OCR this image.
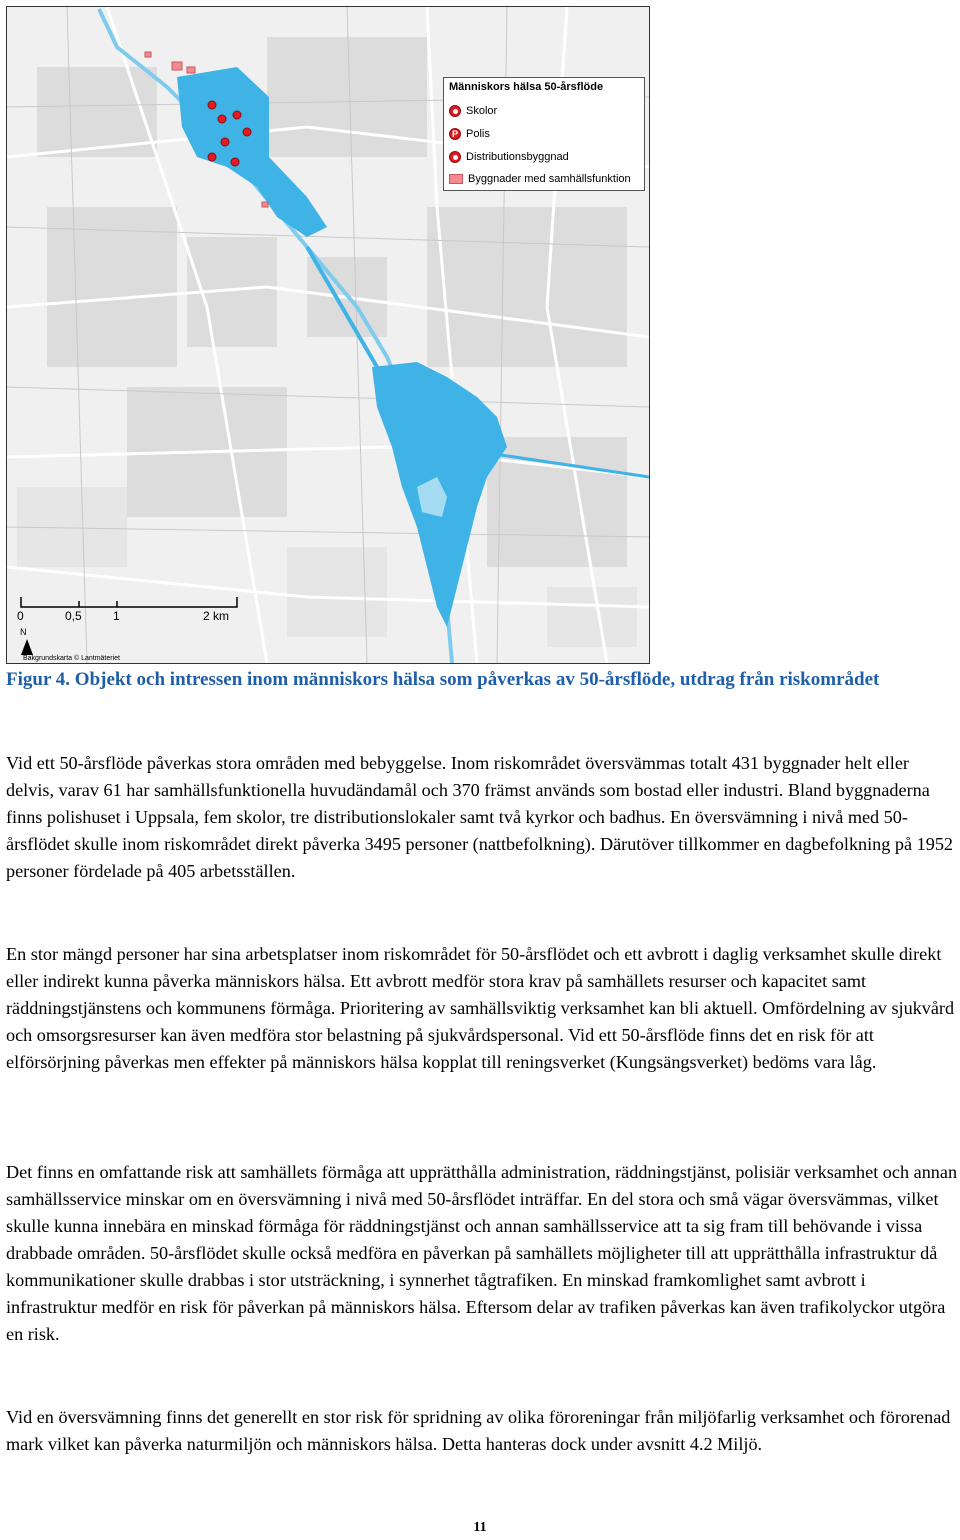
Människors hälsa 50-årsflöde
Skolor
P Polis
Distributionsbyggnad
Byggnader med samhällsfunktion
0	0,5	1	2 km
N
Bakgrundskarta © Lantmäteriet
Figur 4. Objekt och intressen inom människors hälsa som påverkas av 50-årsflöde, utdrag från riskområdet

Vid ett 50-årsflöde påverkas stora områden med bebyggelse. Inom riskområdet översvämmas totalt 431 byggnader helt eller delvis, varav 61 har samhällsfunktionella huvudändamål och 370 främst används som bostad eller industri. Bland byggnaderna finns polishuset i Uppsala, fem skolor, tre distributionslokaler samt två kyrkor och badhus. En översvämning i nivå med 50-årsflödet skulle inom riskområdet direkt påverka 3495 personer (nattbefolkning). Därutöver tillkommer en dagbefolkning på 1952 personer fördelade på 405 arbetsställen.

En stor mängd personer har sina arbetsplatser inom riskområdet för 50-årsflödet och ett avbrott i daglig verksamhet skulle direkt eller indirekt kunna påverka människors hälsa. Ett avbrott medför stora krav på samhällets resurser och kapacitet samt räddningstjänstens och kommunens förmåga. Prioritering av samhällsviktig verksamhet kan bli aktuell. Omfördelning av sjukvård och omsorgsresurser kan även medföra stor belastning på sjukvårdspersonal. Vid ett 50-årsflöde finns det en risk för att elförsörjning påverkas men effekter på människors hälsa kopplat till reningsverket (Kungsängsverket) bedöms vara låg.

Det finns en omfattande risk att samhällets förmåga att upprätthålla administration, räddningstjänst, polisiär verksamhet och annan samhällsservice minskar om en översvämning i nivå med 50-årsflödet inträffar. En del stora och små vägar översvämmas, vilket skulle kunna innebära en minskad förmåga för räddningstjänst och annan samhällsservice att ta sig fram till behövande i vissa drabbade områden. 50-årsflödet skulle också medföra en påverkan på samhällets möjligheter till att upprätthålla infrastruktur då kommunikationer skulle drabbas i stor utsträckning, i synnerhet tågtrafiken. En minskad framkomlighet samt avbrott i infrastruktur medför en risk för påverkan på människors hälsa. Eftersom delar av trafiken påverkas kan även trafikolyckor utgöra en risk.

Vid en översvämning finns det generellt en stor risk för spridning av olika föroreningar från miljöfarlig verksamhet och förorenad mark vilket kan påverka naturmiljön och människors hälsa. Detta hanteras dock under avsnitt 4.2 Miljö.

11
